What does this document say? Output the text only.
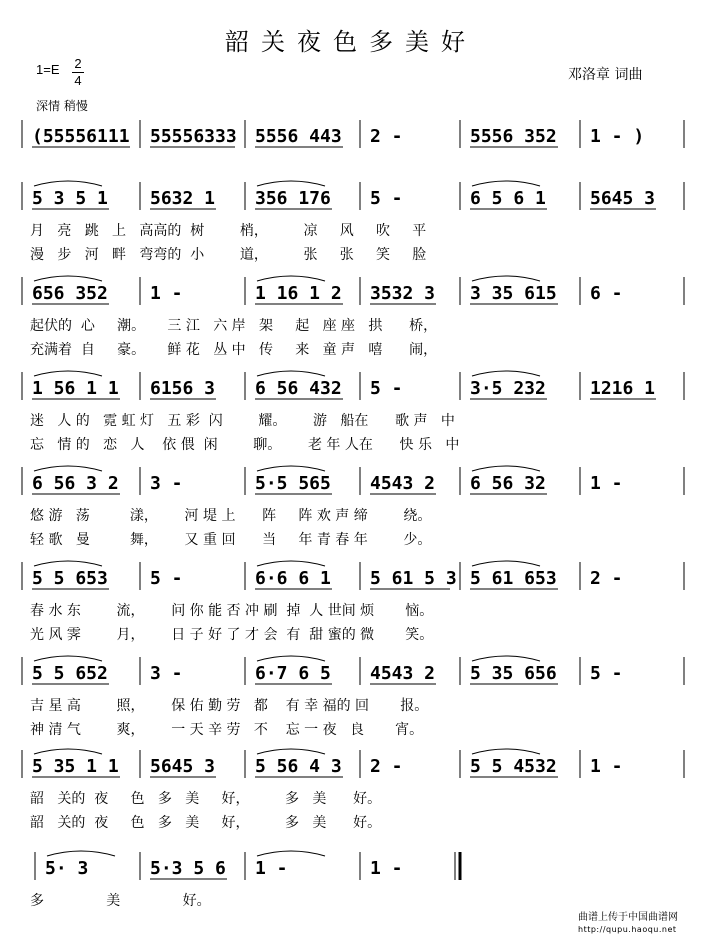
韶关夜色多美好
$1=E \frac{2}{4}$	邓洛章 词曲
深情 稍慢
(55556111 55556333 5556 443 2 -	5556 352 1 - )
5 3 5 1 5632 1 356 176 5 -	6 5 6 1 5645 3
月   亮   跳   上   高高的  树        梢，        凉     风     吹     平
漫   步   河   畔   弯弯的  小        道，        张     张     笑     脸
656 352 1 -	1 16 1 2 3532 3 3 35 615 6 -
起伏的  心     潮。     三 江   六 岸   架     起   座 座   拱      桥，
充满着  自     豪。     鲜 花   丛 中   传     来   童 声   嘻      闹，
1 56 1 1 6156 3 6 56 432 5 -	3·5 232 1216 1
迷   人 的   霓 虹 灯   五 彩  闪        耀。      游   船在      歌 声   中
忘   情 的   恋   人    依 偎  闲        聊。      老 年 人在      快 乐   中
6 56 3 2 3 -	5·5 565 4543 2 6 56 32 1 -
悠 游   荡         漾，      河 堤 上      阵     阵 欢 声 缔        绕。
轻 歌   曼         舞，      又 重 回      当     年 青 春 年        少。
5 5 653 5 -	6·6 6 1 5 61 5 3 5 61 653 2 -
春 水 东        流，      问 你 能 否 冲 刷  掉  人 世间 烦       恼。
光 风 霁        月，      日 子 好 了 才 会  有  甜 蜜的 微       笑。
5 5 652 3 -	6·7 6 5 4543 2 5 35 656 5 -
吉 星 高        照，      保 佑 勤 劳   都    有 幸 福的 回       报。
神 清 气        爽，      一 天 辛 劳   不    忘 一 夜   良       宵。
5 35 1 1 5645 3 5 56 4 3 2 -	5 5 4532 1 -
韶   关的  夜     色   多   美     好，        多   美      好。
韶   关的  夜     色   多   美     好，        多   美      好。
5· 3	5·3 5 6 1 -	1 -
多              美              好。
曲谱上传于中国曲谱网
http://qupu.haoqu.net
